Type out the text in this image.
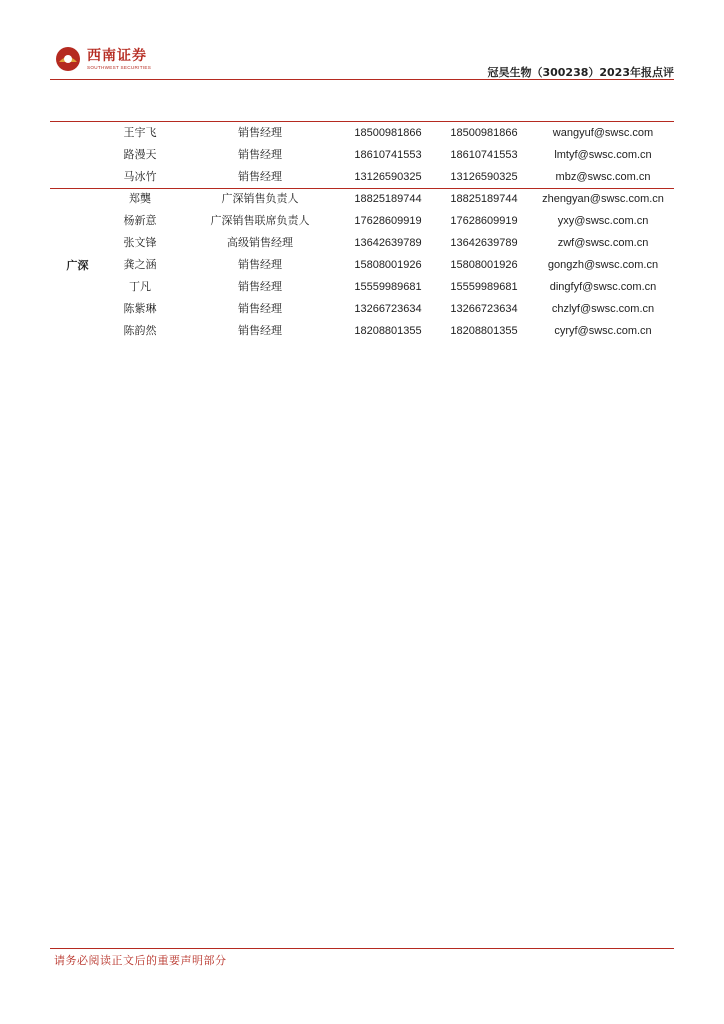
西南证券
SOUTHWEST SECURITIES	冠昊生物（300238）2023年报点评
王宇飞	销售经理	18500981866	18500981866	wangyuf@swsc.com
路漫天	销售经理	18610741553	18610741553	lmtyf@swsc.com.cn
马冰竹	销售经理	13126590325	13126590325	mbz@swsc.com.cn
广深
郑龑	广深销售负责人	18825189744	18825189744	zhengyan@swsc.com.cn
杨新意	广深销售联席负责人	17628609919	17628609919	yxy@swsc.com.cn
张文锋	高级销售经理	13642639789	13642639789	zwf@swsc.com.cn
龚之涵	销售经理	15808001926	15808001926	gongzh@swsc.com.cn
丁凡	销售经理	15559989681	15559989681	dingfyf@swsc.com.cn
陈紫琳	销售经理	13266723634	13266723634	chzlyf@swsc.com.cn
陈韵然	销售经理	18208801355	18208801355	cyryf@swsc.com.cn
请务必阅读正文后的重要声明部分
